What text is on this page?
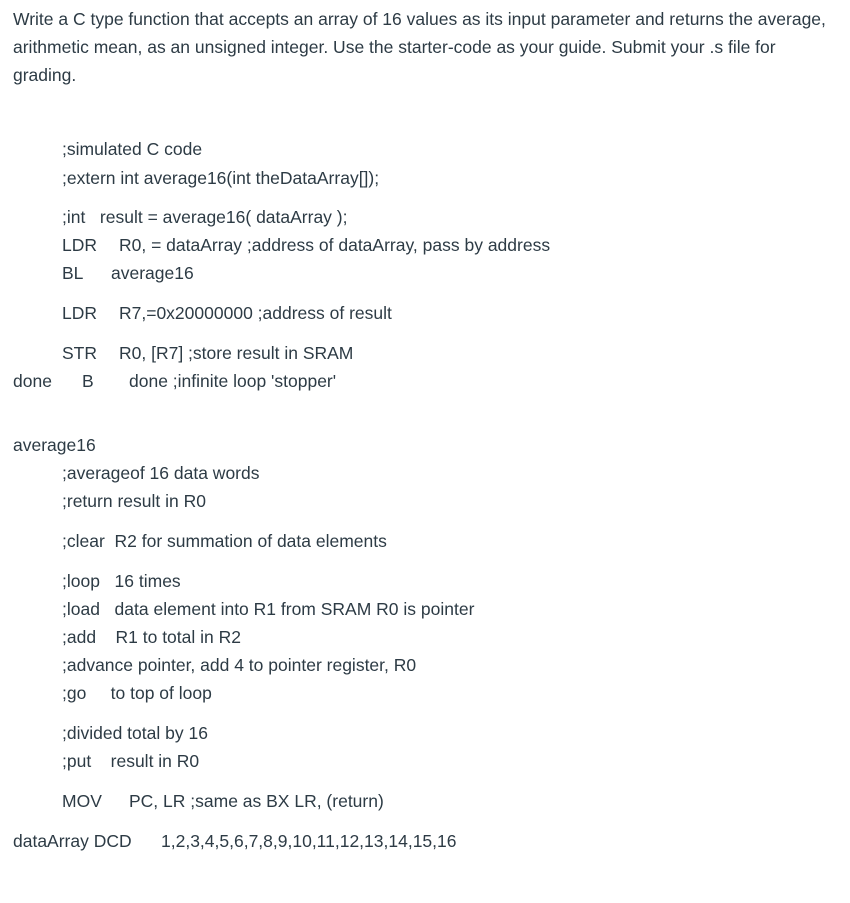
Write a C type function that accepts an array of 16 values as its input parameter and returns the average, arithmetic mean, as an unsigned integer. Use the starter-code as your guide. Submit your .s file for grading.

;simulated C code
;extern int average16(int theDataArray[]);
;int   result = average16( dataArray );
LDR R0, = dataArray ;address of dataArray, pass by address
BL average16
LDR R7,=0x20000000 ;address of result
STR R0, [R7] ;store result in SRAM
done B done ;infinite loop 'stopper'
average16
;averageof 16 data words
;return result in R0
;clear  R2 for summation of data elements
;loop   16 times
;load   data element into R1 from SRAM R0 is pointer
;add    R1 to total in R2
;advance pointer, add 4 to pointer register, R0
;go     to top of loop
;divided total by 16
;put    result in R0
MOV PC, LR ;same as BX LR, (return)
dataArray DCD 1,2,3,4,5,6,7,8,9,10,11,12,13,14,15,16
